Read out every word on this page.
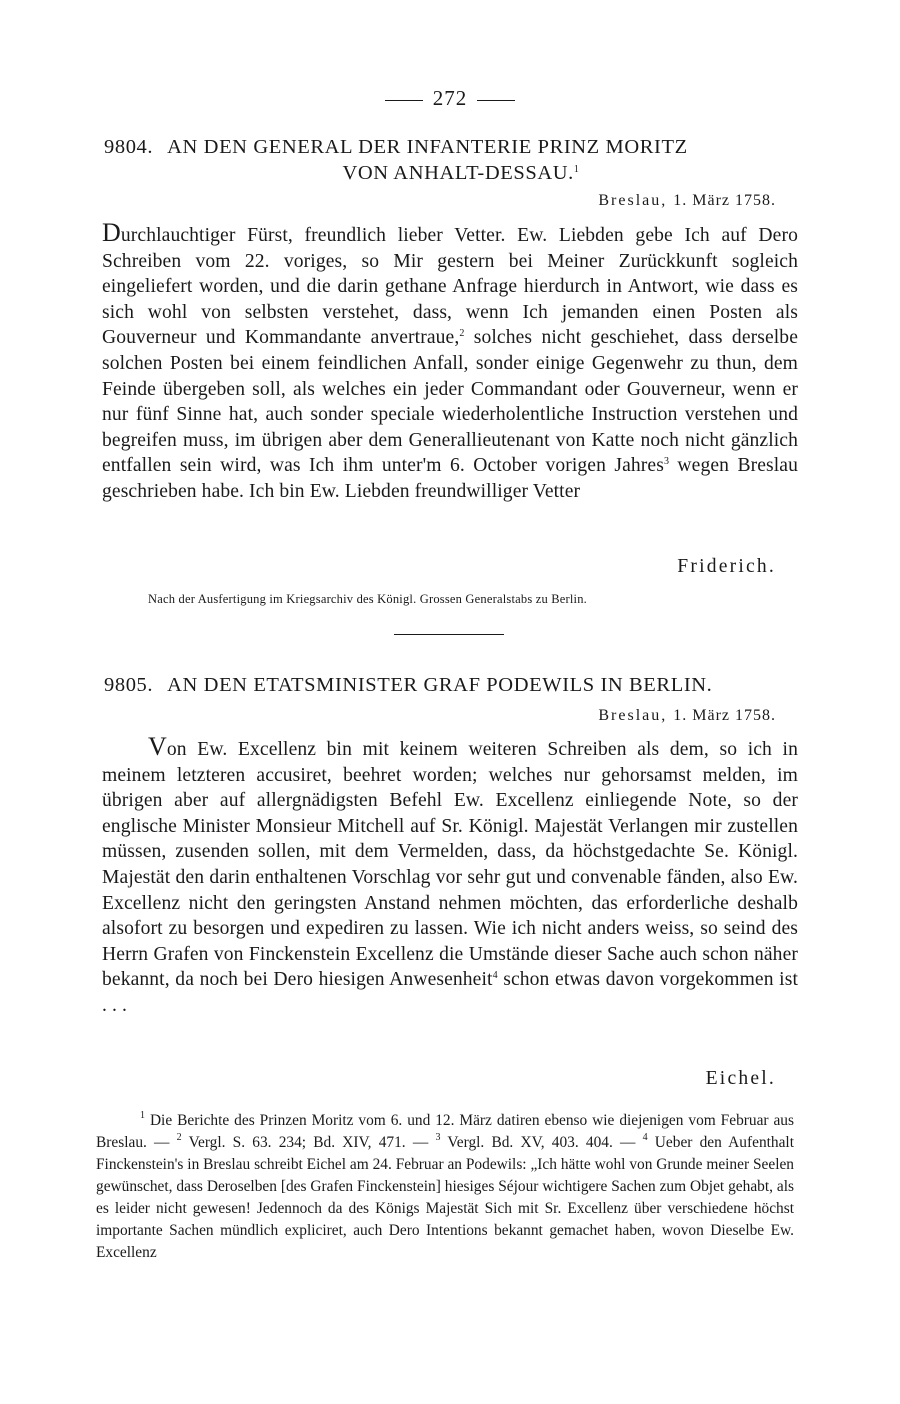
272
9804. AN DEN GENERAL DER INFANTERIE PRINZ MORITZ
VON ANHALT-DESSAU.$^1$
Breslau, 1. März 1758.

Durchlauchtiger Fürst, freundlich lieber Vetter. Ew. Liebden gebe Ich auf Dero Schreiben vom 22. voriges, so Mir gestern bei Meiner Zurückkunft sogleich eingeliefert worden, und die darin gethane Anfrage hierdurch in Antwort, wie dass es sich wohl von selbsten verstehet, dass, wenn Ich jemanden einen Posten als Gouverneur und Kommandante anvertraue,$^2$ solches nicht geschiehet, dass derselbe solchen Posten bei einem feindlichen Anfall, sonder einige Gegenwehr zu thun, dem Feinde übergeben soll, als welches ein jeder Commandant oder Gouverneur, wenn er nur fünf Sinne hat, auch sonder speciale wiederholentliche Instruction verstehen und begreifen muss, im übrigen aber dem Generallieutenant von Katte noch nicht gänzlich entfallen sein wird, was Ich ihm unter'm 6. October vorigen Jahres$^3$ wegen Breslau geschrieben habe. Ich bin Ew. Liebden freundwilliger Vetter

Friderich.
Nach der Ausfertigung im Kriegsarchiv des Königl. Grossen Generalstabs zu Berlin.
9805. AN DEN ETATSMINISTER GRAF PODEWILS IN BERLIN.
Breslau, 1. März 1758.

Von Ew. Excellenz bin mit keinem weiteren Schreiben als dem, so ich in meinem letzteren accusiret, beehret worden; welches nur gehorsamst melden, im übrigen aber auf allergnädigsten Befehl Ew. Excellenz einliegende Note, so der englische Minister Monsieur Mitchell auf Sr. Königl. Majestät Verlangen mir zustellen müssen, zusenden sollen, mit dem Vermelden, dass, da höchstgedachte Se. Königl. Majestät den darin enthaltenen Vorschlag vor sehr gut und convenable fänden, also Ew. Excellenz nicht den geringsten Anstand nehmen möchten, das erforderliche deshalb alsofort zu besorgen und expediren zu lassen. Wie ich nicht anders weiss, so seind des Herrn Grafen von Finckenstein Excellenz die Umstände dieser Sache auch schon näher bekannt, da noch bei Dero hiesigen Anwesenheit$^4$ schon etwas davon vorgekommen ist . . .

Eichel.

$^1$ Die Berichte des Prinzen Moritz vom 6. und 12. März datiren ebenso wie diejenigen vom Februar aus Breslau. — $^2$ Vergl. S. 63. 234; Bd. XIV, 471. — $^3$ Vergl. Bd. XV, 403. 404. — $^4$ Ueber den Aufenthalt Finckenstein's in Breslau schreibt Eichel am 24. Februar an Podewils: „Ich hätte wohl von Grunde meiner Seelen gewünschet, dass Deroselben [des Grafen Finckenstein] hiesiges Séjour wichtigere Sachen zum Objet gehabt, als es leider nicht gewesen! Jedennoch da des Königs Majestät Sich mit Sr. Excellenz über verschiedene höchst importante Sachen mündlich expliciret, auch Dero Intentions bekannt gemachet haben, wovon Dieselbe Ew. Excellenz
